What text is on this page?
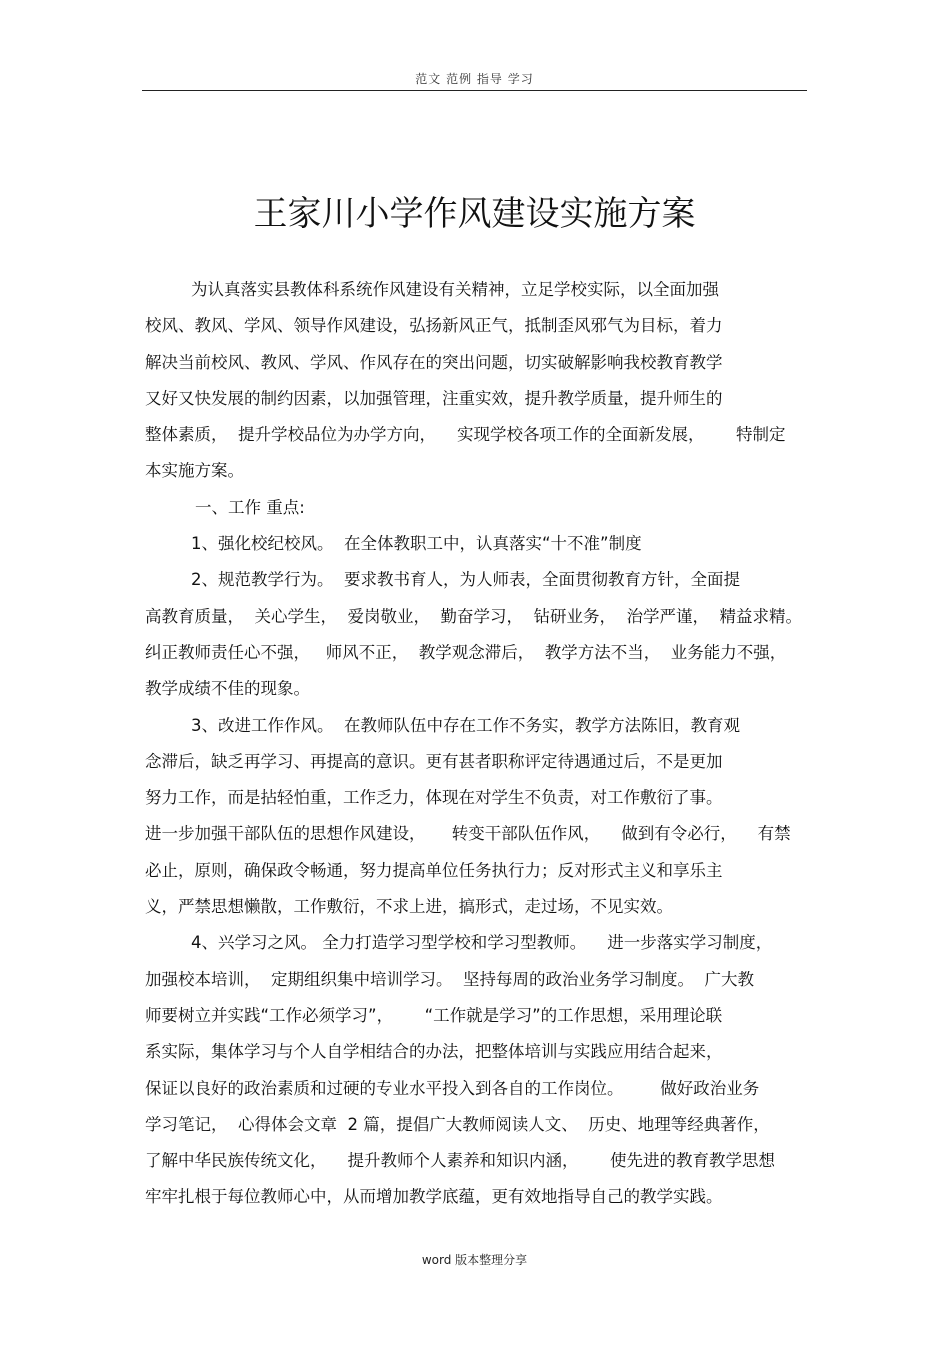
范文 范例 指导 学习
王家川小学作风建设实施方案
为认真落实县教体科系统作风建设有关精神，立足学校实际，以全面加强
校风、教风、学风、领导作风建设，弘扬新风正气，抵制歪风邪气为目标，着力
解决当前校风、教风、学风、作风存在的突出问题，切实破解影响我校教育教学
又好又快发展的制约因素，以加强管理，注重实效，提升教学质量，提升师生的
整体素质，  提升学校品位为办学方向，    实现学校各项工作的全面新发展，      特制定
本实施方案。
一、工作 重点:
1、强化校纪校风。  在全体教职工中，认真落实“十不准”制度
2、规范教学行为。  要求教书育人，为人师表，全面贯彻教育方针，全面提
高教育质量，  关心学生，  爱岗敬业，  勤奋学习，  钻研业务，  治学严谨，  精益求精。
纠正教师责任心不强，   师风不正，  教学观念滞后，  教学方法不当，  业务能力不强，
教学成绩不佳的现象。
3、改进工作作风。  在教师队伍中存在工作不务实，教学方法陈旧，教育观
念滞后，缺乏再学习、再提高的意识。更有甚者职称评定待遇通过后，不是更加
努力工作，而是拈轻怕重，工作乏力，体现在对学生不负责，对工作敷衍了事。
进一步加强干部队伍的思想作风建设，     转变干部队伍作风，    做到有令必行，    有禁
必止，原则，确保政令畅通，努力提高单位任务执行力；反对形式主义和享乐主
义，严禁思想懒散，工作敷衍，不求上进，搞形式，走过场，不见实效。
4、兴学习之风。 全力打造学习型学校和学习型教师。    进一步落实学习制度，
加强校本培训，  定期组织集中培训学习。  坚持每周的政治业务学习制度。  广大教
师要树立并实践“工作必须学习”，      “工作就是学习”的工作思想，采用理论联
系实际，集体学习与个人自学相结合的办法，把整体培训与实践应用结合起来，
保证以良好的政治素质和过硬的专业水平投入到各自的工作岗位。       做好政治业务
学习笔记，  心得体会文章  2 篇，提倡广大教师阅读人文、  历史、地理等经典著作，
了解中华民族传统文化，    提升教师个人素养和知识内涵，      使先进的教育教学思想
牢牢扎根于每位教师心中，从而增加教学底蕴，更有效地指导自己的教学实践。
word 版本整理分享
